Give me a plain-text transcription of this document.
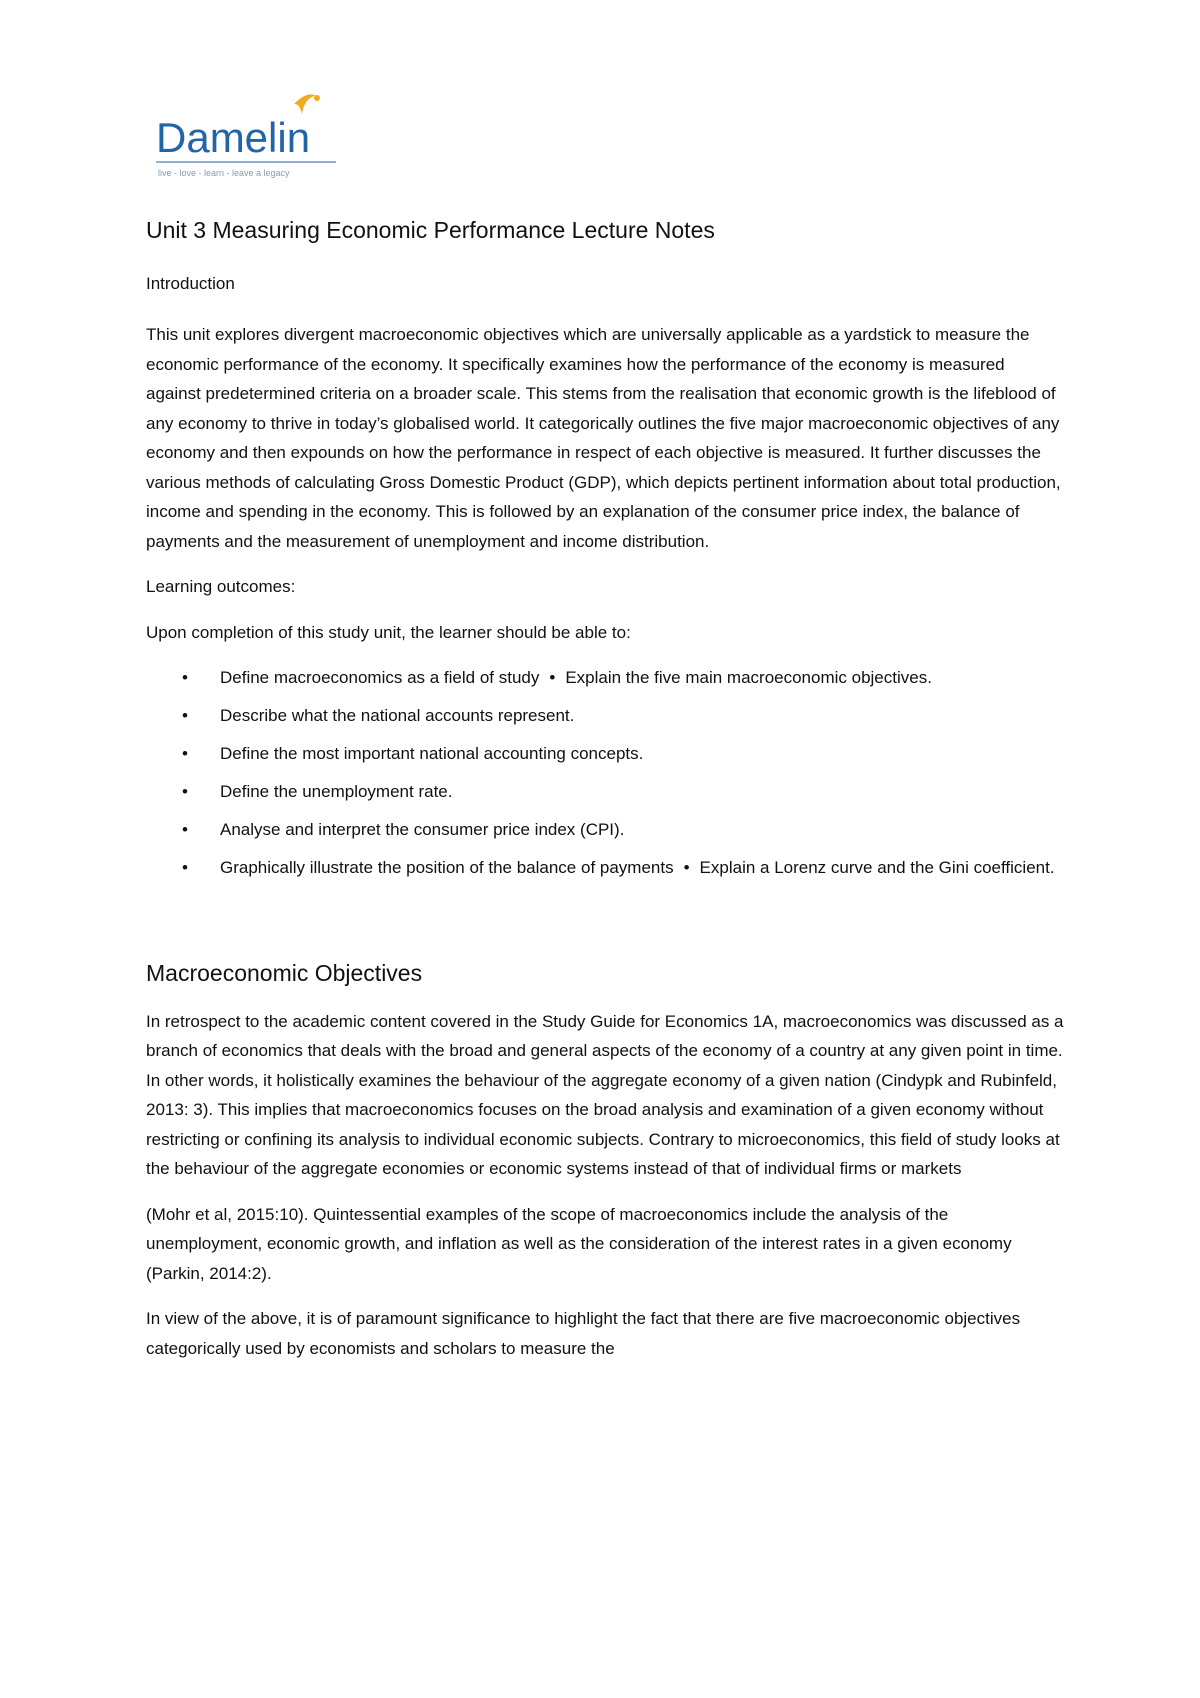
Damelin
live - love - learn - leave a legacy
Unit 3 Measuring Economic Performance Lecture Notes
Introduction

This unit explores divergent macroeconomic objectives which are universally applicable as a yardstick to measure the economic performance of the economy. It specifically examines how the performance of the economy is measured against predetermined criteria on a broader scale. This stems from the realisation that economic growth is the lifeblood of any economy to thrive in today’s globalised world. It categorically outlines the five major macroeconomic objectives of any economy and then expounds on how the performance in respect of each objective is measured. It further discusses the various methods of calculating Gross Domestic Product (GDP), which depicts pertinent information about total production, income and spending in the economy. This is followed by an explanation of the consumer price index, the balance of payments and the measurement of unemployment and income distribution.

Learning outcomes:

Upon completion of this study unit, the learner should be able to:

• Define macroeconomics as a field of study • Explain the five main macroeconomic objectives.
• Describe what the national accounts represent.
• Define the most important national accounting concepts.
• Define the unemployment rate.
• Analyse and interpret the consumer price index (CPI).
• Graphically illustrate the position of the balance of payments • Explain a Lorenz curve and the Gini coefficient.
Macroeconomic Objectives

In retrospect to the academic content covered in the Study Guide for Economics 1A, macroeconomics was discussed as a branch of economics that deals with the broad and general aspects of the economy of a country at any given point in time. In other words, it holistically examines the behaviour of the aggregate economy of a given nation (Cindypk and Rubinfeld, 2013: 3). This implies that macroeconomics focuses on the broad analysis and examination of a given economy without restricting or confining its analysis to individual economic subjects. Contrary to microeconomics, this field of study looks at the behaviour of the aggregate economies or economic systems instead of that of individual firms or markets

(Mohr et al, 2015:10). Quintessential examples of the scope of macroeconomics include the analysis of the unemployment, economic growth, and inflation as well as the consideration of the interest rates in a given economy (Parkin, 2014:2).

In view of the above, it is of paramount significance to highlight the fact that there are five macroeconomic objectives categorically used by economists and scholars to measure the
